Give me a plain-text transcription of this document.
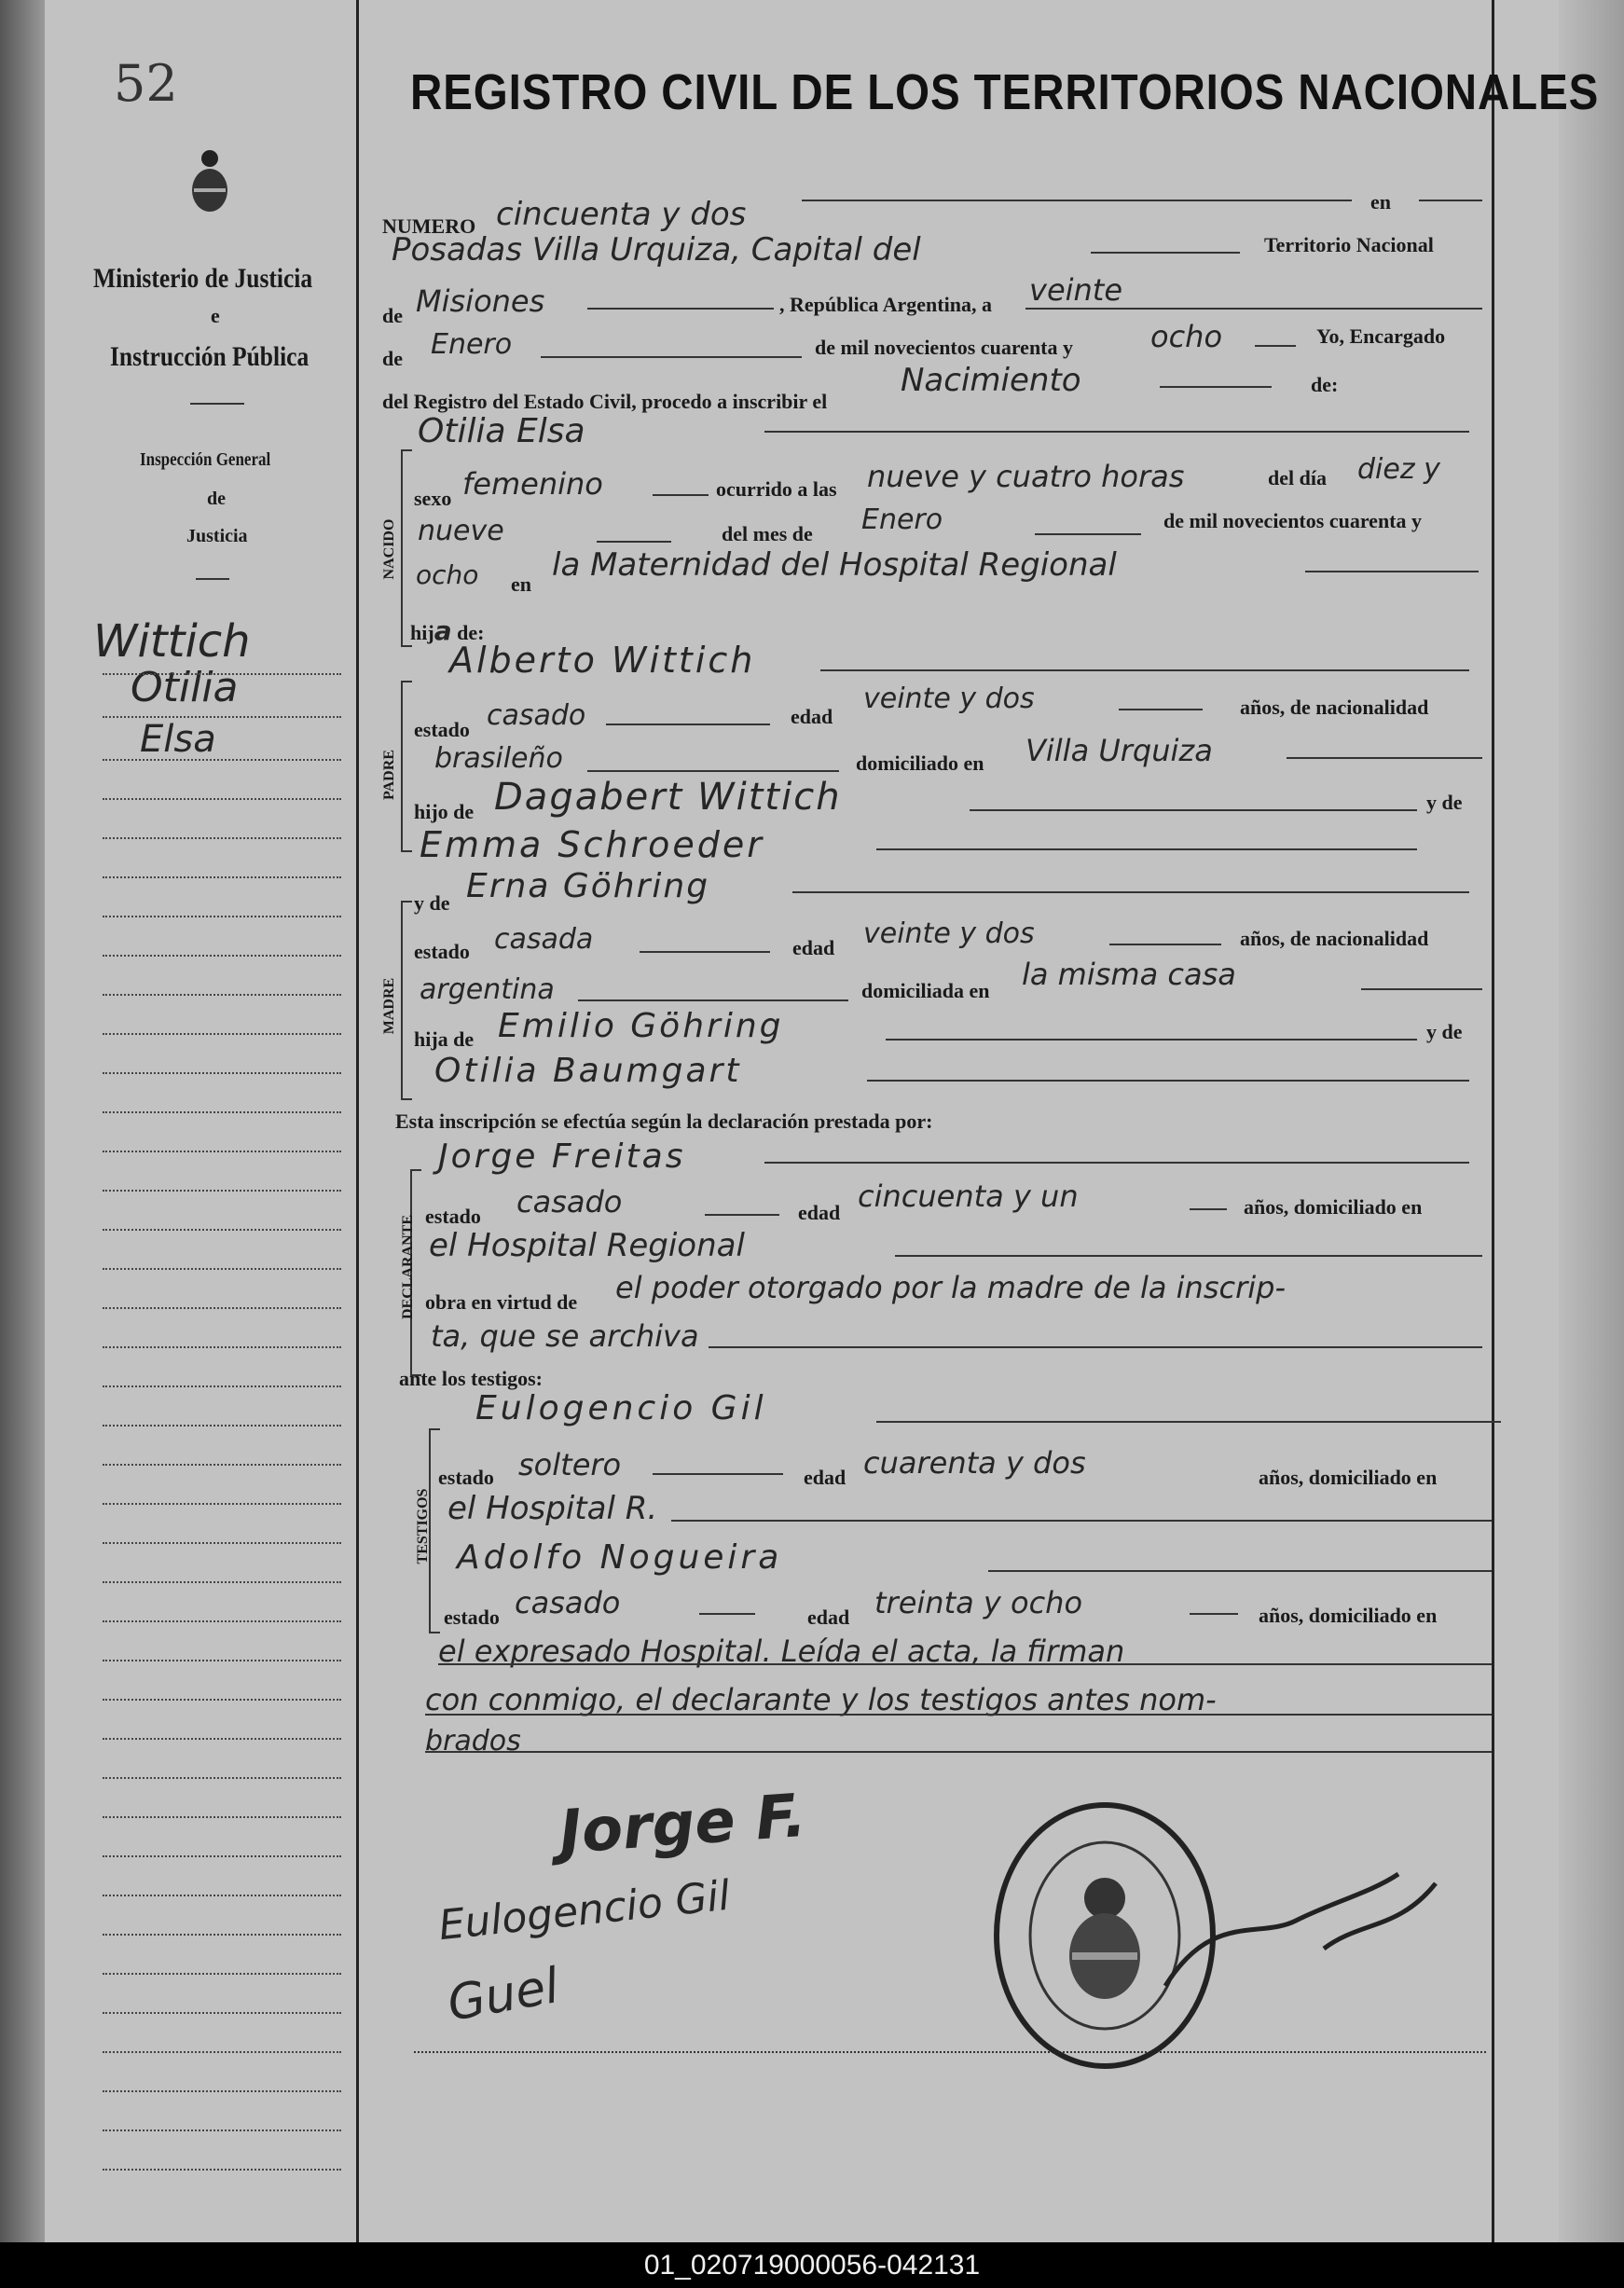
52
Ministerio de Justicia
e
Instrucción Pública
Inspección General
de
Justicia
Wittich
Otilia
Elsa
REGISTRO CIVIL DE LOS TERRITORIOS NACIONALES
NUMERO cincuenta y dos	en
Posadas Villa Urquiza, Capital del	Territorio Nacional
de Misiones	, República Argentina, a veinte
de Enero	de mil novecientos cuarenta y	ocho	Yo, Encargado
del Registro del Estado Civil, procedo a inscribir el
Nacimiento	de:
Otilia Elsa
NACIDO
sexo femenino	ocurrido a las nueve y cuatro horas	del día diez y
nueve	del mes de Enero	de mil novecientos cuarenta y
ocho en
la Maternidad del Hospital Regional
hija de:
Alberto Wittich
PADRE
estado casado	edad
veinte y dos	años, de nacionalidad
brasileño	domiciliado en Villa Urquiza
hijo de Dagabert Wittich	y de
Emma Schroeder
y de Erna Göhring
MADRE
estado casada	edad veinte y dos	años, de nacionalidad
argentina	domiciliada en la misma casa
hija de Emilio Göhring	y de
Otilia Baumgart
Esta inscripción se efectúa según la declaración prestada por:
Jorge Freitas
DECLARANTE estado casado	edad cincuenta y un	años, domiciliado en
el Hospital Regional
obra en virtud de el poder otorgado por la madre de la inscrip-
ta, que se archiva
ante los testigos:
Eulogencio Gil
TESTIGOS
estado soltero	edad cuarenta y dos	años, domiciliado en
el Hospital R.
Adolfo Nogueira
estado casado	edad treinta y ocho	años, domiciliado en
el expresado Hospital. Leída el acta, la firman
con conmigo, el declarante y los testigos antes nom-
brados
Jorge F.
Eulogencio Gil
Guel
01_020719000056-042131
